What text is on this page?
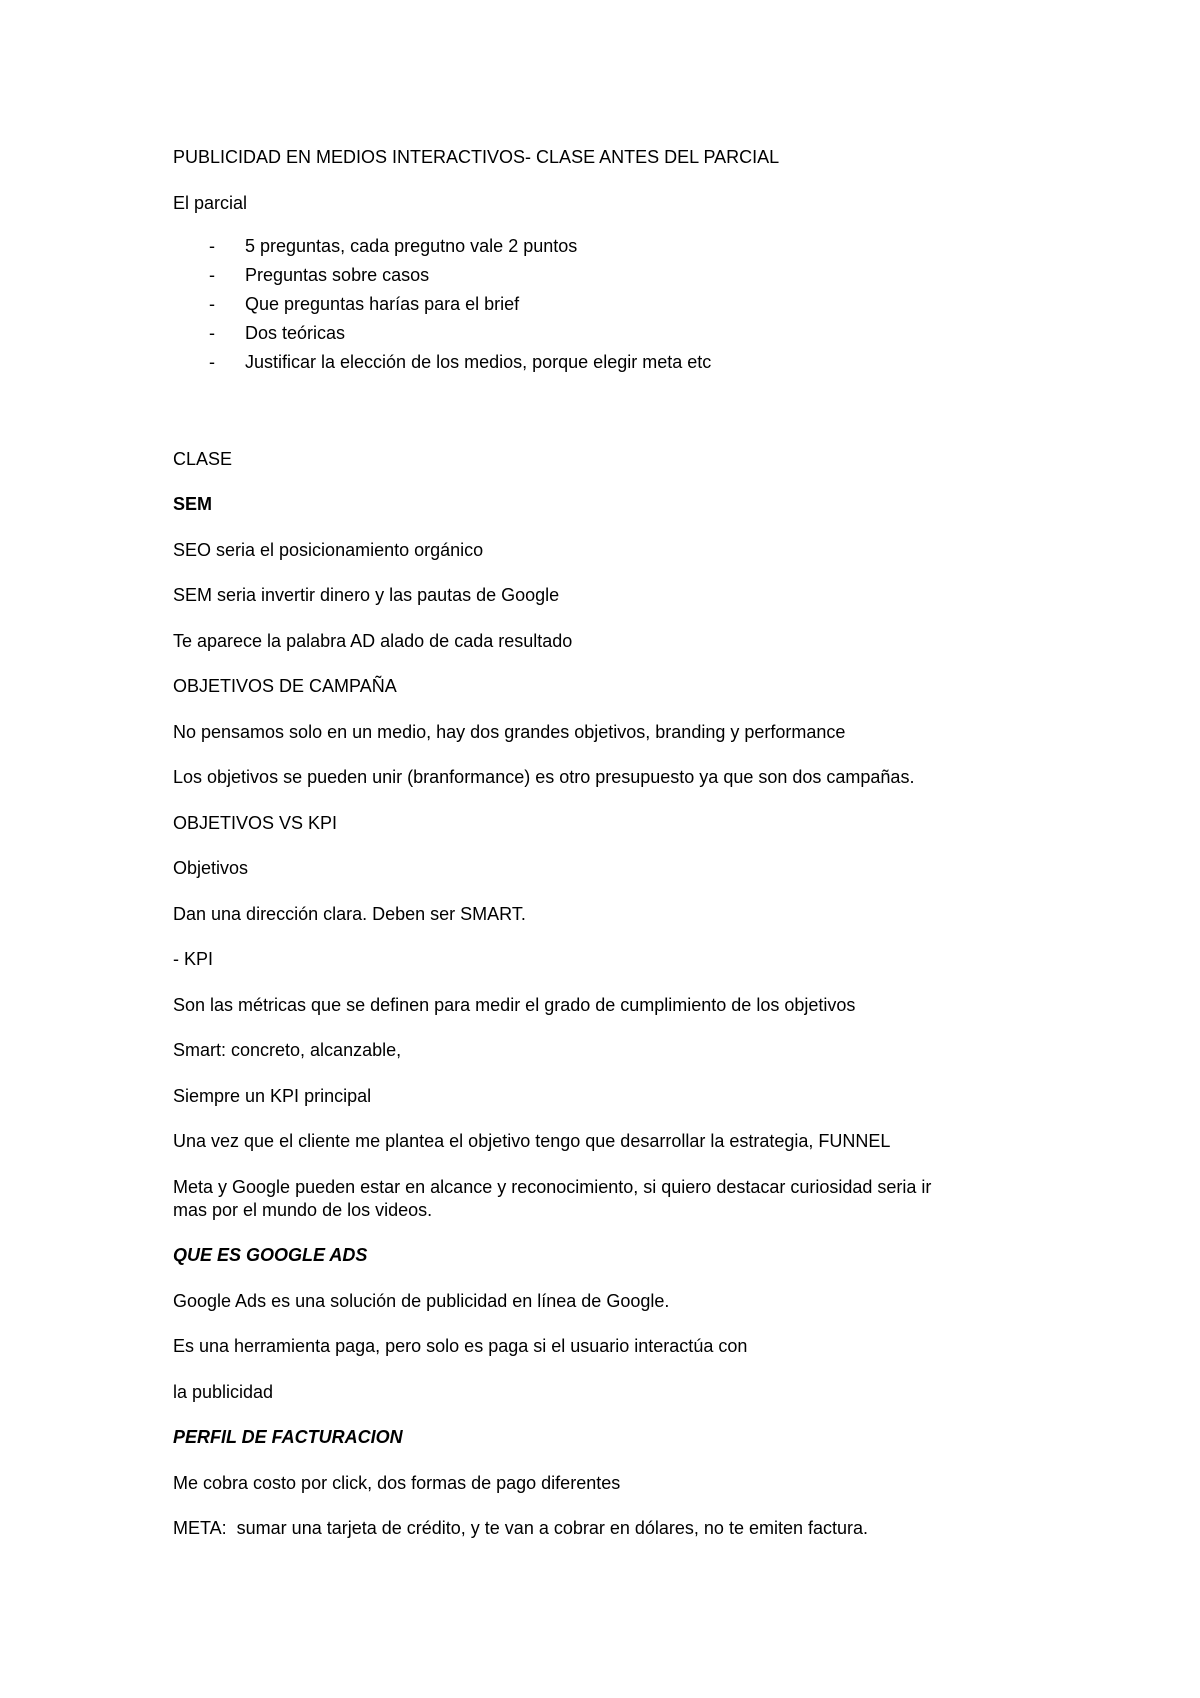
PUBLICIDAD EN MEDIOS INTERACTIVOS- CLASE ANTES DEL PARCIAL
El parcial
- 5 preguntas, cada pregutno vale 2 puntos
- Preguntas sobre casos
- Que preguntas harías para el brief
- Dos teóricas
- Justificar la elección de los medios, porque elegir meta etc
CLASE
SEM
SEO seria el posicionamiento orgánico
SEM seria invertir dinero y las pautas de Google
Te aparece la palabra AD alado de cada resultado
OBJETIVOS DE CAMPAÑA
No pensamos solo en un medio, hay dos grandes objetivos, branding y performance
Los objetivos se pueden unir (branformance) es otro presupuesto ya que son dos campañas.
OBJETIVOS VS KPI
Objetivos
Dan una dirección clara. Deben ser SMART.
- KPI
Son las métricas que se definen para medir el grado de cumplimiento de los objetivos
Smart: concreto, alcanzable,
Siempre un KPI principal
Una vez que el cliente me plantea el objetivo tengo que desarrollar la estrategia, FUNNEL
Meta y Google pueden estar en alcance y reconocimiento, si quiero destacar curiosidad seria ir
mas por el mundo de los videos.
QUE ES GOOGLE ADS
Google Ads es una solución de publicidad en línea de Google.
Es una herramienta paga, pero solo es paga si el usuario interactúa con
la publicidad
PERFIL DE FACTURACION
Me cobra costo por click, dos formas de pago diferentes
META:  sumar una tarjeta de crédito, y te van a cobrar en dólares, no te emiten factura.
